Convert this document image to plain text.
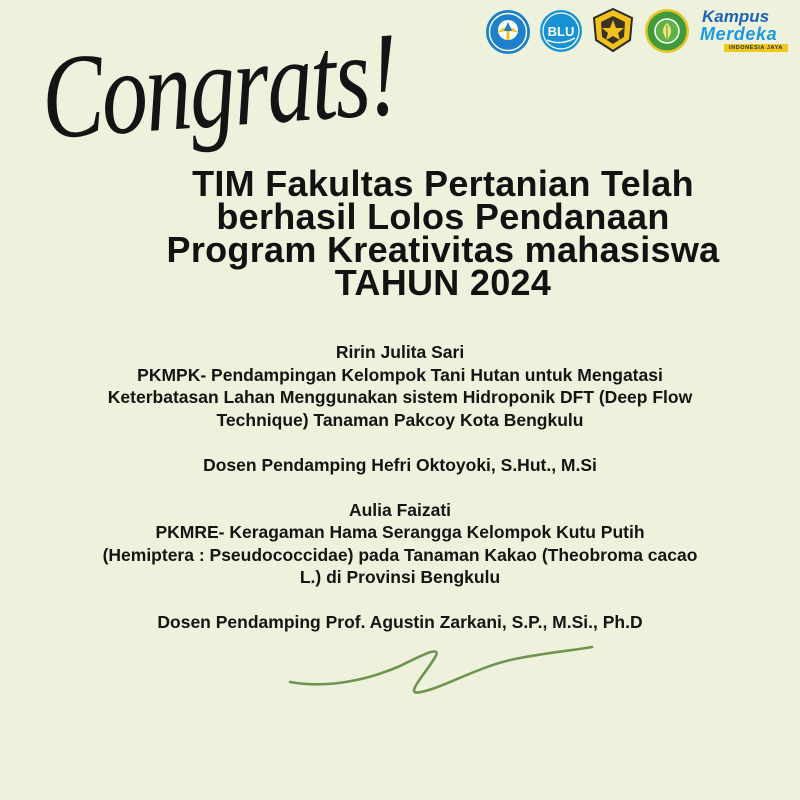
BLU
Kampus
Merdeka
INDONESIA JAYA
Congrats!
TIM Fakultas Pertanian Telah
berhasil Lolos Pendanaan
Program Kreativitas mahasiswa
TAHUN 2024
Ririn Julita Sari
PKMPK- Pendampingan Kelompok Tani Hutan untuk Mengatasi
Keterbatasan Lahan Menggunakan sistem Hidroponik DFT (Deep Flow
Technique) Tanaman Pakcoy Kota Bengkulu
Dosen Pendamping Hefri Oktoyoki, S.Hut., M.Si
Aulia Faizati
PKMRE- Keragaman Hama Serangga Kelompok Kutu Putih
(Hemiptera : Pseudococcidae) pada Tanaman Kakao (Theobroma cacao
L.) di Provinsi Bengkulu
Dosen Pendamping Prof. Agustin Zarkani, S.P., M.Si., Ph.D
